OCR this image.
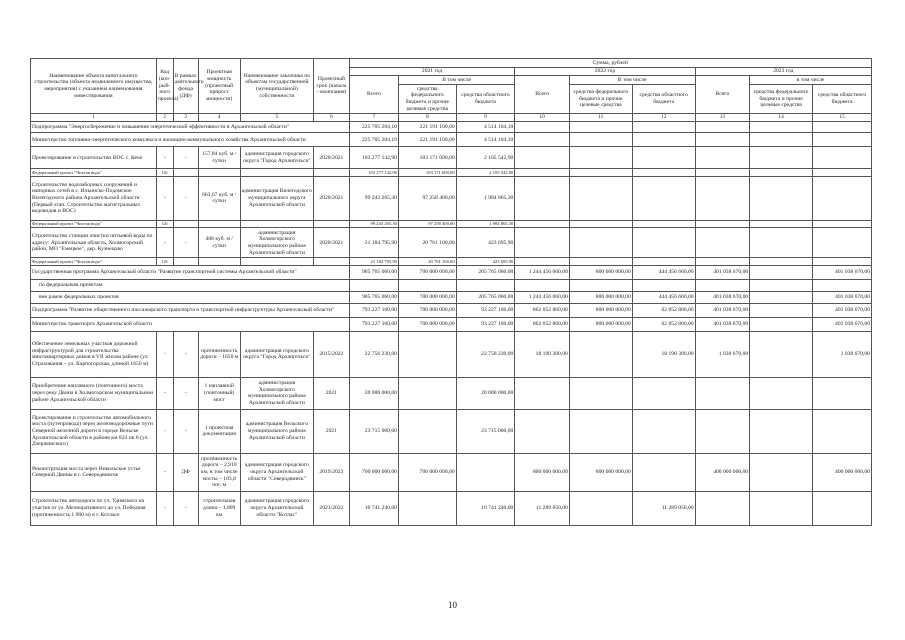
Наименование объекта капитального строительства (объекта недвижимого имущества, мероприятия) с указанием наименования инвестирования	Код (кол-рыб-ного проекта)	В рамках деятельного фонда (ДФ)	Проектная мощность (проектный прирост мощности)	Наименование заказчика по объектам государственной (муниципальной) собственности	Проектный срок (начала - окончания)	Сумма, рублей								
						2021 год			2022 год			2023 год		
						Всего	В том числе		Всего	В том числе		Всего	в том числе	
							средства федерального бюджета и прочие целевые средства	средства областного бюджета		средства федерального бюджета и прочие целевые средства	средства областного бюджета		средства федерального бюджета и прочие целевые средства	средства областного бюджета
1	2	3	4	5	6	7	8	9	10	11	12	13	14	15
Подпрограмма "Энергосбережение и повышение энергетической эффективности в Архангельской области"						225 705 204,10	221 191 100,00	4 514 104,10						
Министерство топливно-энергетического комплекса и жилищно-коммунального хозяйства Архангельской области						225 705 204,10	221 191 100,00	4 514 104,10						
Проектирование и строительство ВОС с. Кечо	-	-	157,84 куб. м /сутки	администрация городского округа "Город Архангельск"	2020/2021	103 277 142,90	103 171 600,00	2 105 542,90						
Федеральный проект "Чистая вода"	G6					103 277 142,90	103 171 600,00	2 105 542,90						
Строительство водозаборных сооружений и напорных сетей в с. Ильинско-Подомское Вилегодского района Архангельской области (Первый этап. Строительство магистральных водоводов и ВОС)	-	-	663,67 куб. м /сутки	администрация Вилегодского муниципального округа Архангельской области	2020/2021	99 243 265,30	97 258 400,00	1 984 865,30						
Федеральный проект "Чистая вода"	G6					99 243 265,30	97 258 400,00	1 984 865,30						
Строительство станции очистки питьевой воды по адресу: Архангельская область, Холмогорский район, МО "Емецкое", дер. Кузнецово	-	-	408 куб. м /сутки	администрация Холмогорского муниципального района Архангельской области	2020/2021	21 184 795,90	20 761 100,00	423 695,90						
Федеральный проект "Чистая вода"	G6					21 184 795,90	20 761 100,00	423 695,90						
Государственная программа Архангельской области "Развитие транспортной системы Архангельской области"						905 765 060,00	700 000 000,00	205 765 060,00	1 244 456 660,00	800 000 000,00	444 456 660,00	401 038 670,00		401 038 670,00
по федеральным проектам														
вне рамок федеральных проектов						905 765 060,00	700 000 000,00	205 765 060,00	1 244 456 660,00	800 000 000,00	444 456 660,00	401 038 670,00		401 038 670,00
Подпрограмма "Развитие общественного пассажирского транспорта и транспортной инфраструктуры Архангельской области"						793 227 160,00	700 000 000,00	93 227 160,00	862 052 860,00	800 000 000,00	62 052 860,00	401 038 670,00		401 038 670,00
Министерство транспорта Архангельской области						793 227 160,00	700 000 000,00	93 227 160,00	862 052 860,00	800 000 000,00	62 052 860,00	401 038 670,00		401 038 670,00
Обеспечение земельных участков дорожной инфраструктурой для строительства многоквартирных домов в VII жилом районе (ул. Страхования – ул. Карпогорская, длиной 1650 м)	-	-	протяженность дороги – 1650 м	администрация городского округа "Город Архангельск"	2015/2022	22 756 230,00		22 756 230,00	18 190 300,00		18 190 300,00	1 038 670,00		1 038 670,00
Приобретение наплавного (понтонного) моста через реку Двина в Холмогорском муниципальном районе Архангельской области	-	-	1 наплавной (понтонный) мост	администрация Холмогорского муниципального района Архангельской области	2021	20 000 000,00		20 000 000,00						
Проектирование и строительство автомобильного моста (путепровода) через железнодорожные пути Северной железной дороги в городе Вельске Архангельской области в районе км 824 пк 8 (ул. Дзержинского)	-	-	1 проектная документация	администрация Вельского муниципального района Архангельской области	2021	23 715 000,00		23 715 000,00						
Реконструкция моста через Никольское устье Северной Двины в г. Северодвинске	-	ДФ	протяженность дороги – 2,910 км, в том числе мосты – 183,8 пог. м	администрация городского округа Архангельской области "Северодвинск"	2019/2023	700 000 000,00	700 000 000,00		800 000 000,00	800 000 000,00		400 000 000,00		400 000 000,00
Строительство автодороги по ул. Удимского на участке от ул. Мелиоративного до ул. Победная (протяженность 1 900 м) в г. Котласе	-	-	строительная длина – 1,809 км	администрация городского округа Архангельской области "Котлас"	2021/2022	10 741 240,00		10 741 240,00	11 289 050,00		11 289 050,00			
10
